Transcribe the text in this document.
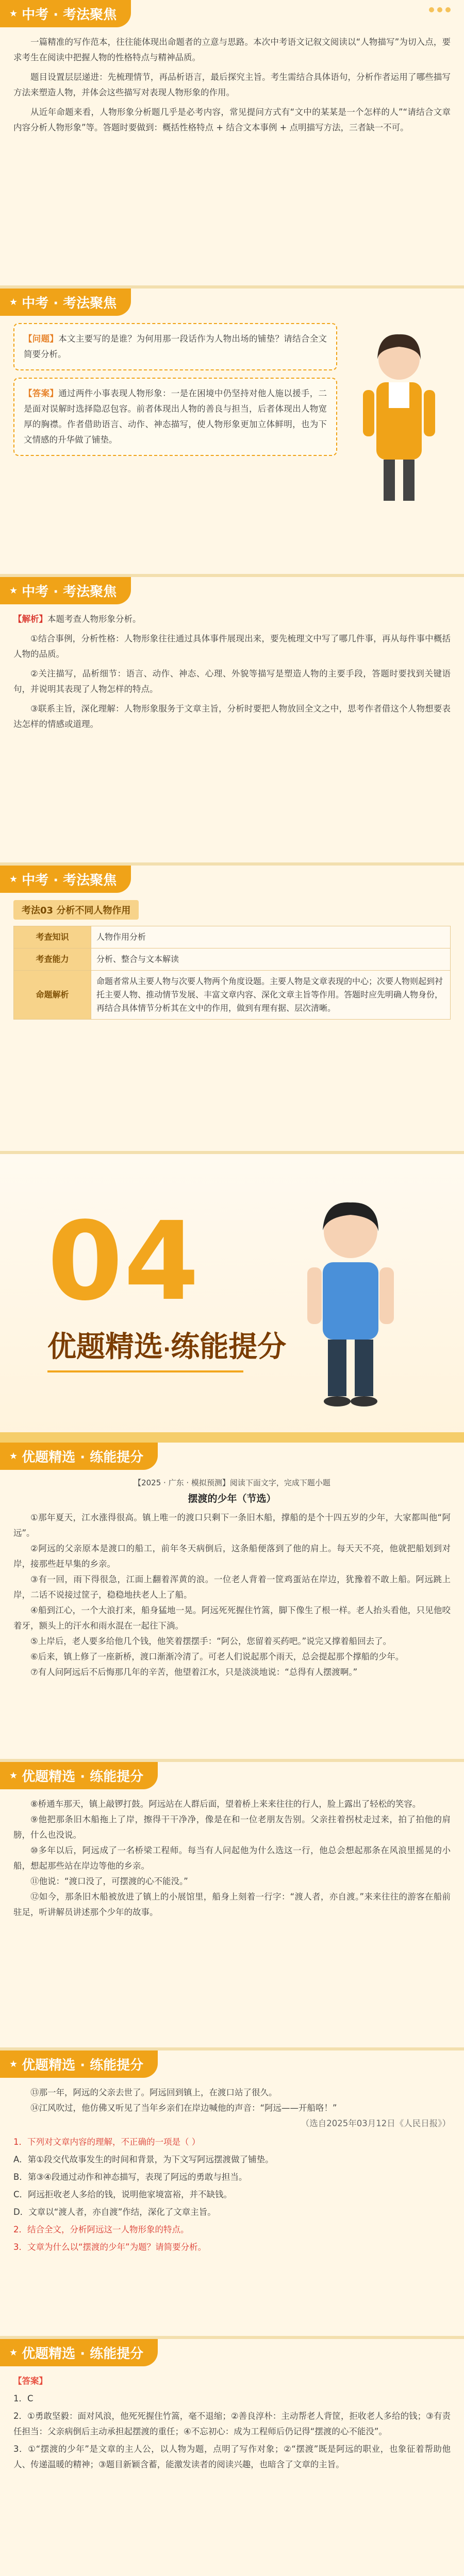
★ 中考 · 考法聚焦

一篇精准的写作范本，往往能体现出命题者的立意与思路。本次中考语文记叙文阅读以“人物描写”为切入点，要求考生在阅读中把握人物的性格特点与精神品质。

题目设置层层递进：先梳理情节，再品析语言，最后探究主旨。考生需结合具体语句，分析作者运用了哪些描写方法来塑造人物，并体会这些描写对表现人物形象的作用。

从近年命题来看，人物形象分析题几乎是必考内容，常见提问方式有“文中的某某是一个怎样的人”“请结合文章内容分析人物形象”等。答题时要做到：概括性格特点 + 结合文本事例 + 点明描写方法，三者缺一不可。

★ 中考 · 考法聚焦

【问题】本文主要写的是谁？为何用那一段话作为人物出场的铺垫？请结合全文简要分析。

【答案】通过两件小事表现人物形象：一是在困境中仍坚持对他人施以援手，二是面对误解时选择隐忍包容。前者体现出人物的善良与担当，后者体现出人物宽厚的胸襟。作者借助语言、动作、神态描写，使人物形象更加立体鲜明，也为下文情感的升华做了铺垫。

★ 中考 · 考法聚焦

【解析】本题考查人物形象分析。

①结合事例，分析性格：人物形象往往通过具体事件展现出来，要先梳理文中写了哪几件事，再从每件事中概括人物的品质。

②关注描写，品析细节：语言、动作、神态、心理、外貌等描写是塑造人物的主要手段，答题时要找到关键语句，并说明其表现了人物怎样的特点。

③联系主旨，深化理解：人物形象服务于文章主旨，分析时要把人物放回全文之中，思考作者借这个人物想要表达怎样的情感或道理。

★ 中考 · 考法聚焦
考法03 分析不同人物作用
考查知识	人物作用分析
考查能力	分析、整合与文本解读
命题解析	命题者常从主要人物与次要人物两个角度设题。主要人物是文章表现的中心；次要人物则起到衬托主要人物、推动情节发展、丰富文章内容、深化文章主旨等作用。答题时应先明确人物身份，再结合具体情节分析其在文中的作用，做到有理有据、层次清晰。
04
优题精选·练能提分
★ 优题精选 · 练能提分

【2025 · 广东 · 模拟预测】阅读下面文字，完成下题小题

摆渡的少年（节选）

①那年夏天，江水涨得很高。镇上唯一的渡口只剩下一条旧木船，撑船的是个十四五岁的少年，大家都叫他“阿远”。

②阿远的父亲原本是渡口的船工，前年冬天病倒后，这条船便落到了他的肩上。每天天不亮，他就把船划到对岸，接那些赶早集的乡亲。

③有一回，雨下得很急，江面上翻着浑黄的浪。一位老人背着一筐鸡蛋站在岸边，犹豫着不敢上船。阿远跳上岸，二话不说接过筐子，稳稳地扶老人上了船。

④船到江心，一个大浪打来，船身猛地一晃。阿远死死握住竹篙，脚下像生了根一样。老人抬头看他，只见他咬着牙，额头上的汗水和雨水混在一起往下淌。

⑤上岸后，老人要多给他几个钱，他笑着摆摆手：“阿公，您留着买药吧。”说完又撑着船回去了。

⑥后来，镇上修了一座新桥，渡口渐渐冷清了。可老人们说起那个雨天，总会提起那个撑船的少年。

⑦有人问阿远后不后悔那几年的辛苦，他望着江水，只是淡淡地说：“总得有人摆渡啊。”

★ 优题精选 · 练能提分

⑧桥通车那天，镇上敲锣打鼓。阿远站在人群后面，望着桥上来来往往的行人，脸上露出了轻松的笑容。

⑨他把那条旧木船拖上了岸，擦得干干净净，像是在和一位老朋友告别。父亲拄着拐杖走过来，拍了拍他的肩膀，什么也没说。

⑩多年以后，阿远成了一名桥梁工程师。每当有人问起他为什么选这一行，他总会想起那条在风浪里摇晃的小船，想起那些站在岸边等他的乡亲。

⑪他说：“渡口没了，可摆渡的心不能没。”

⑫如今，那条旧木船被放进了镇上的小展馆里，船身上刻着一行字：“渡人者，亦自渡。”来来往往的游客在船前驻足，听讲解员讲述那个少年的故事。

★ 优题精选 · 练能提分

⑬那一年，阿远的父亲去世了。阿远回到镇上，在渡口站了很久。

⑭江风吹过，他仿佛又听见了当年乡亲们在岸边喊他的声音：“阿远——开船咯！”

（选自2025年03月12日《人民日报》）

1．下列对文章内容的理解，不正确的一项是（ ）

A．第①段交代故事发生的时间和背景，为下文写阿远摆渡做了铺垫。

B．第③④段通过动作和神态描写，表现了阿远的勇敢与担当。

C．阿远拒收老人多给的钱，说明他家境富裕，并不缺钱。

D．文章以“渡人者，亦自渡”作结，深化了文章主旨。

2．结合全文，分析阿远这一人物形象的特点。

3．文章为什么以“摆渡的少年”为题？请简要分析。

★ 优题精选 · 练能提分

【答案】

1．C

2．①勇敢坚毅：面对风浪，他死死握住竹篙，毫不退缩；②善良淳朴：主动帮老人背筐，拒收老人多给的钱；③有责任担当：父亲病倒后主动承担起摆渡的重任；④不忘初心：成为工程师后仍记得“摆渡的心不能没”。

3．①“摆渡的少年”是文章的主人公，以人物为题，点明了写作对象；②“摆渡”既是阿远的职业，也象征着帮助他人、传递温暖的精神；③题目新颖含蓄，能激发读者的阅读兴趣，也暗含了文章的主旨。
